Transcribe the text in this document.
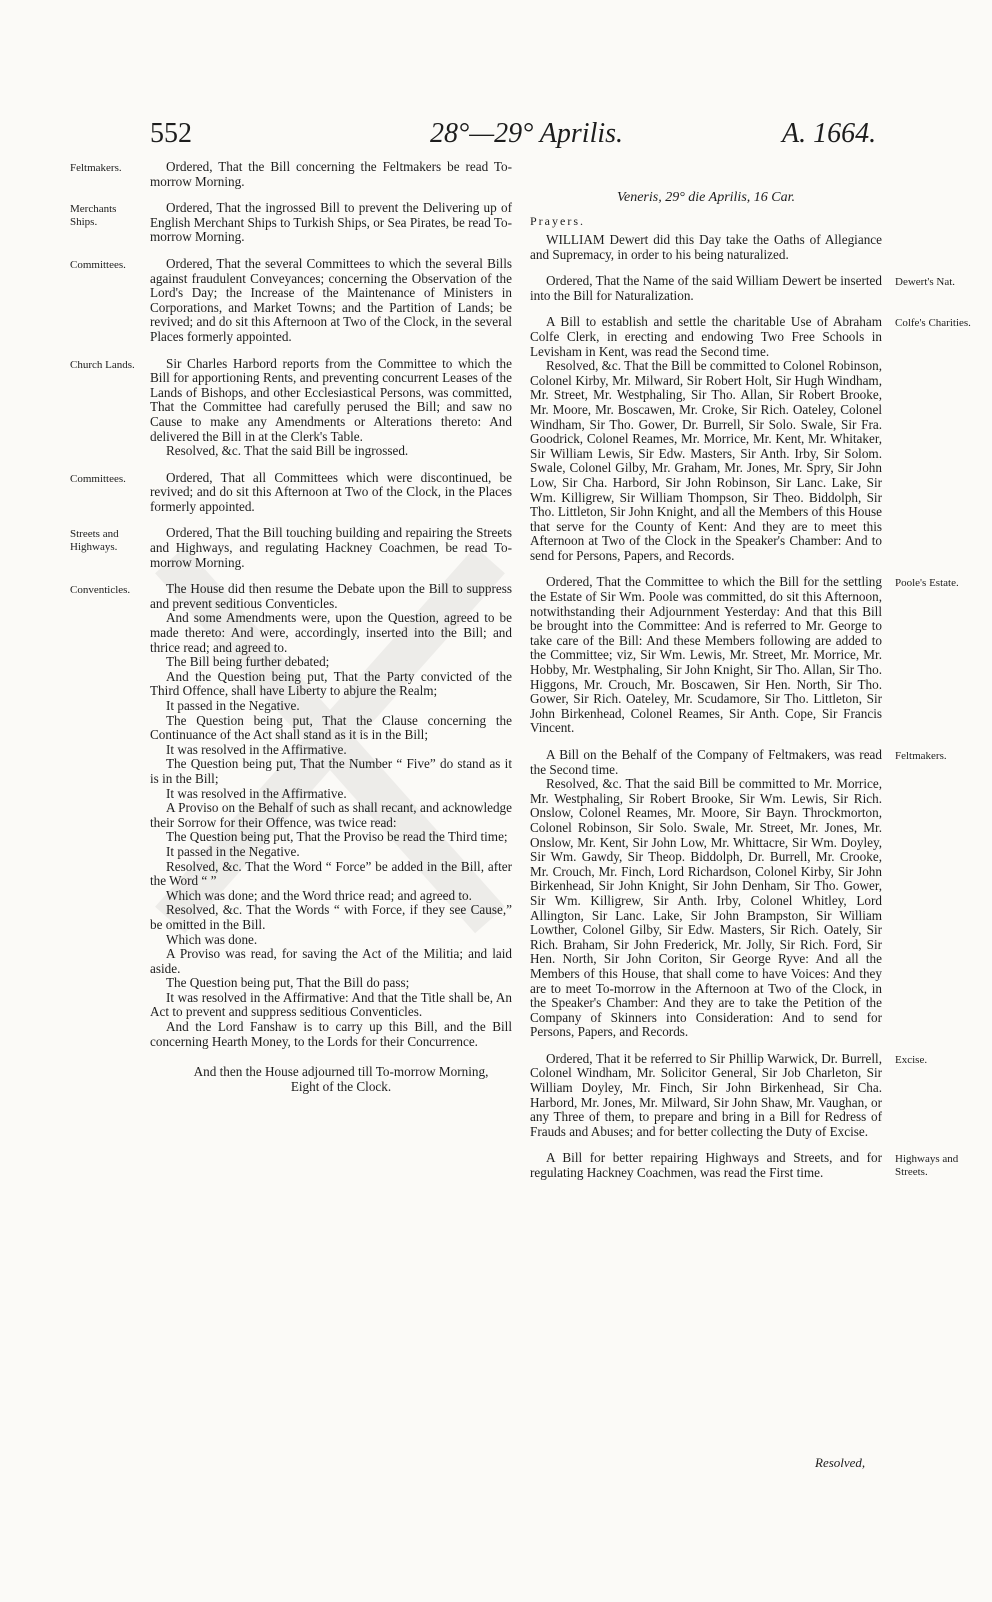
552	28°—29° Aprilis.	A. 1664.

Ordered, That the Bill concerning the Feltmakers be read To-morrow Morning.

Ordered, That the ingrossed Bill to prevent the Delivering up of English Merchant Ships to Turkish Ships, or Sea Pirates, be read To-morrow Morning.

Ordered, That the several Committees to which the several Bills against fraudulent Conveyances; concerning the Observation of the Lord's Day; the Increase of the Maintenance of Ministers in Corporations, and Market Towns; and the Partition of Lands; be revived; and do sit this Afternoon at Two of the Clock, in the several Places formerly appointed.

Sir Charles Harbord reports from the Committee to which the Bill for apportioning Rents, and preventing concurrent Leases of the Lands of Bishops, and other Ecclesiastical Persons, was committed, That the Committee had carefully perused the Bill; and saw no Cause to make any Amendments or Alterations thereto: And delivered the Bill in at the Clerk's Table.

Resolved, &c. That the said Bill be ingrossed.

Ordered, That all Committees which were discontinued, be revived; and do sit this Afternoon at Two of the Clock, in the Places formerly appointed.

Ordered, That the Bill touching building and repairing the Streets and Highways, and regulating Hackney Coachmen, be read To-morrow Morning.

The House did then resume the Debate upon the Bill to suppress and prevent seditious Conventicles.

And some Amendments were, upon the Question, agreed to be made thereto: And were, accordingly, inserted into the Bill; and thrice read; and agreed to.

The Bill being further debated;

And the Question being put, That the Party convicted of the Third Offence, shall have Liberty to abjure the Realm;

It passed in the Negative.

The Question being put, That the Clause concerning the Continuance of the Act shall stand as it is in the Bill;

It was resolved in the Affirmative.

The Question being put, That the Number “ Five” do stand as it is in the Bill;

It was resolved in the Affirmative.

A Proviso on the Behalf of such as shall recant, and acknowledge their Sorrow for their Offence, was twice read:

The Question being put, That the Proviso be read the Third time;

It passed in the Negative.

Resolved, &c. That the Word “ Force” be added in the Bill, after the Word “ ”

Which was done; and the Word thrice read; and agreed to.

Resolved, &c. That the Words “ with Force, if they see Cause,” be omitted in the Bill.

Which was done.

A Proviso was read, for saving the Act of the Militia; and laid aside.

The Question being put, That the Bill do pass;

It was resolved in the Affirmative: And that the Title shall be, An Act to prevent and suppress seditious Conventicles.

And the Lord Fanshaw is to carry up this Bill, and the Bill concerning Hearth Money, to the Lords for their Concurrence.

And then the House adjourned till To-morrow Morning, Eight of the Clock.
Veneris, 29° die Aprilis, 16 Car.
Prayers.

WILLIAM Dewert did this Day take the Oaths of Allegiance and Supremacy, in order to his being naturalized.

Ordered, That the Name of the said William Dewert be inserted into the Bill for Naturalization.

A Bill to establish and settle the charitable Use of Abraham Colfe Clerk, in erecting and endowing Two Free Schools in Levisham in Kent, was read the Second time.

Resolved, &c. That the Bill be committed to Colonel Robinson, Colonel Kirby, Mr. Milward, Sir Robert Holt, Sir Hugh Windham, Mr. Street, Mr. Westphaling, Sir Tho. Allan, Sir Robert Brooke, Mr. Moore, Mr. Boscawen, Mr. Croke, Sir Rich. Oateley, Colonel Windham, Sir Tho. Gower, Dr. Burrell, Sir Solo. Swale, Sir Fra. Goodrick, Colonel Reames, Mr. Morrice, Mr. Kent, Mr. Whitaker, Sir William Lewis, Sir Edw. Masters, Sir Anth. Irby, Sir Solom. Swale, Colonel Gilby, Mr. Graham, Mr. Jones, Mr. Spry, Sir John Low, Sir Cha. Harbord, Sir John Robinson, Sir Lanc. Lake, Sir Wm. Killigrew, Sir William Thompson, Sir Theo. Biddolph, Sir Tho. Littleton, Sir John Knight, and all the Members of this House that serve for the County of Kent: And they are to meet this Afternoon at Two of the Clock in the Speaker's Chamber: And to send for Persons, Papers, and Records.

Ordered, That the Committee to which the Bill for the settling the Estate of Sir Wm. Poole was committed, do sit this Afternoon, notwithstanding their Adjournment Yesterday: And that this Bill be brought into the Committee: And is referred to Mr. George to take care of the Bill: And these Members following are added to the Committee; viz, Sir Wm. Lewis, Mr. Street, Mr. Morrice, Mr. Hobby, Mr. Westphaling, Sir John Knight, Sir Tho. Allan, Sir Tho. Higgons, Mr. Crouch, Mr. Boscawen, Sir Hen. North, Sir Tho. Gower, Sir Rich. Oateley, Mr. Scudamore, Sir Tho. Littleton, Sir John Birkenhead, Colonel Reames, Sir Anth. Cope, Sir Francis Vincent.

A Bill on the Behalf of the Company of Feltmakers, was read the Second time.

Resolved, &c. That the said Bill be committed to Mr. Morrice, Mr. Westphaling, Sir Robert Brooke, Sir Wm. Lewis, Sir Rich. Onslow, Colonel Reames, Mr. Moore, Sir Bayn. Throckmorton, Colonel Robinson, Sir Solo. Swale, Mr. Street, Mr. Jones, Mr. Onslow, Mr. Kent, Sir John Low, Mr. Whittacre, Sir Wm. Doyley, Sir Wm. Gawdy, Sir Theop. Biddolph, Dr. Burrell, Mr. Crooke, Mr. Crouch, Mr. Finch, Lord Richardson, Colonel Kirby, Sir John Birkenhead, Sir John Knight, Sir John Denham, Sir Tho. Gower, Sir Wm. Killigrew, Sir Anth. Irby, Colonel Whitley, Lord Allington, Sir Lanc. Lake, Sir John Brampston, Sir William Lowther, Colonel Gilby, Sir Edw. Masters, Sir Rich. Oately, Sir Rich. Braham, Sir John Frederick, Mr. Jolly, Sir Rich. Ford, Sir Hen. North, Sir John Coriton, Sir George Ryve: And all the Members of this House, that shall come to have Voices: And they are to meet To-morrow in the Afternoon at Two of the Clock, in the Speaker's Chamber: And they are to take the Petition of the Company of Skinners into Consideration: And to send for Persons, Papers, and Records.

Ordered, That it be referred to Sir Phillip Warwick, Dr. Burrell, Colonel Windham, Mr. Solicitor General, Sir Job Charleton, Sir William Doyley, Mr. Finch, Sir John Birkenhead, Sir Cha. Harbord, Mr. Jones, Mr. Milward, Sir John Shaw, Mr. Vaughan, or any Three of them, to prepare and bring in a Bill for Redress of Frauds and Abuses; and for better collecting the Duty of Excise.

A Bill for better repairing Highways and Streets, and for regulating Hackney Coachmen, was read the First time.

Resolved,
Feltmakers.
Merchants Ships.
Committees.
Church Lands.
Committees.
Streets and Highways.
Conventicles.
Dewert's Nat.
Colfe's Charities.
Poole's Estate.
Feltmakers.
Excise.
Highways and Streets.
